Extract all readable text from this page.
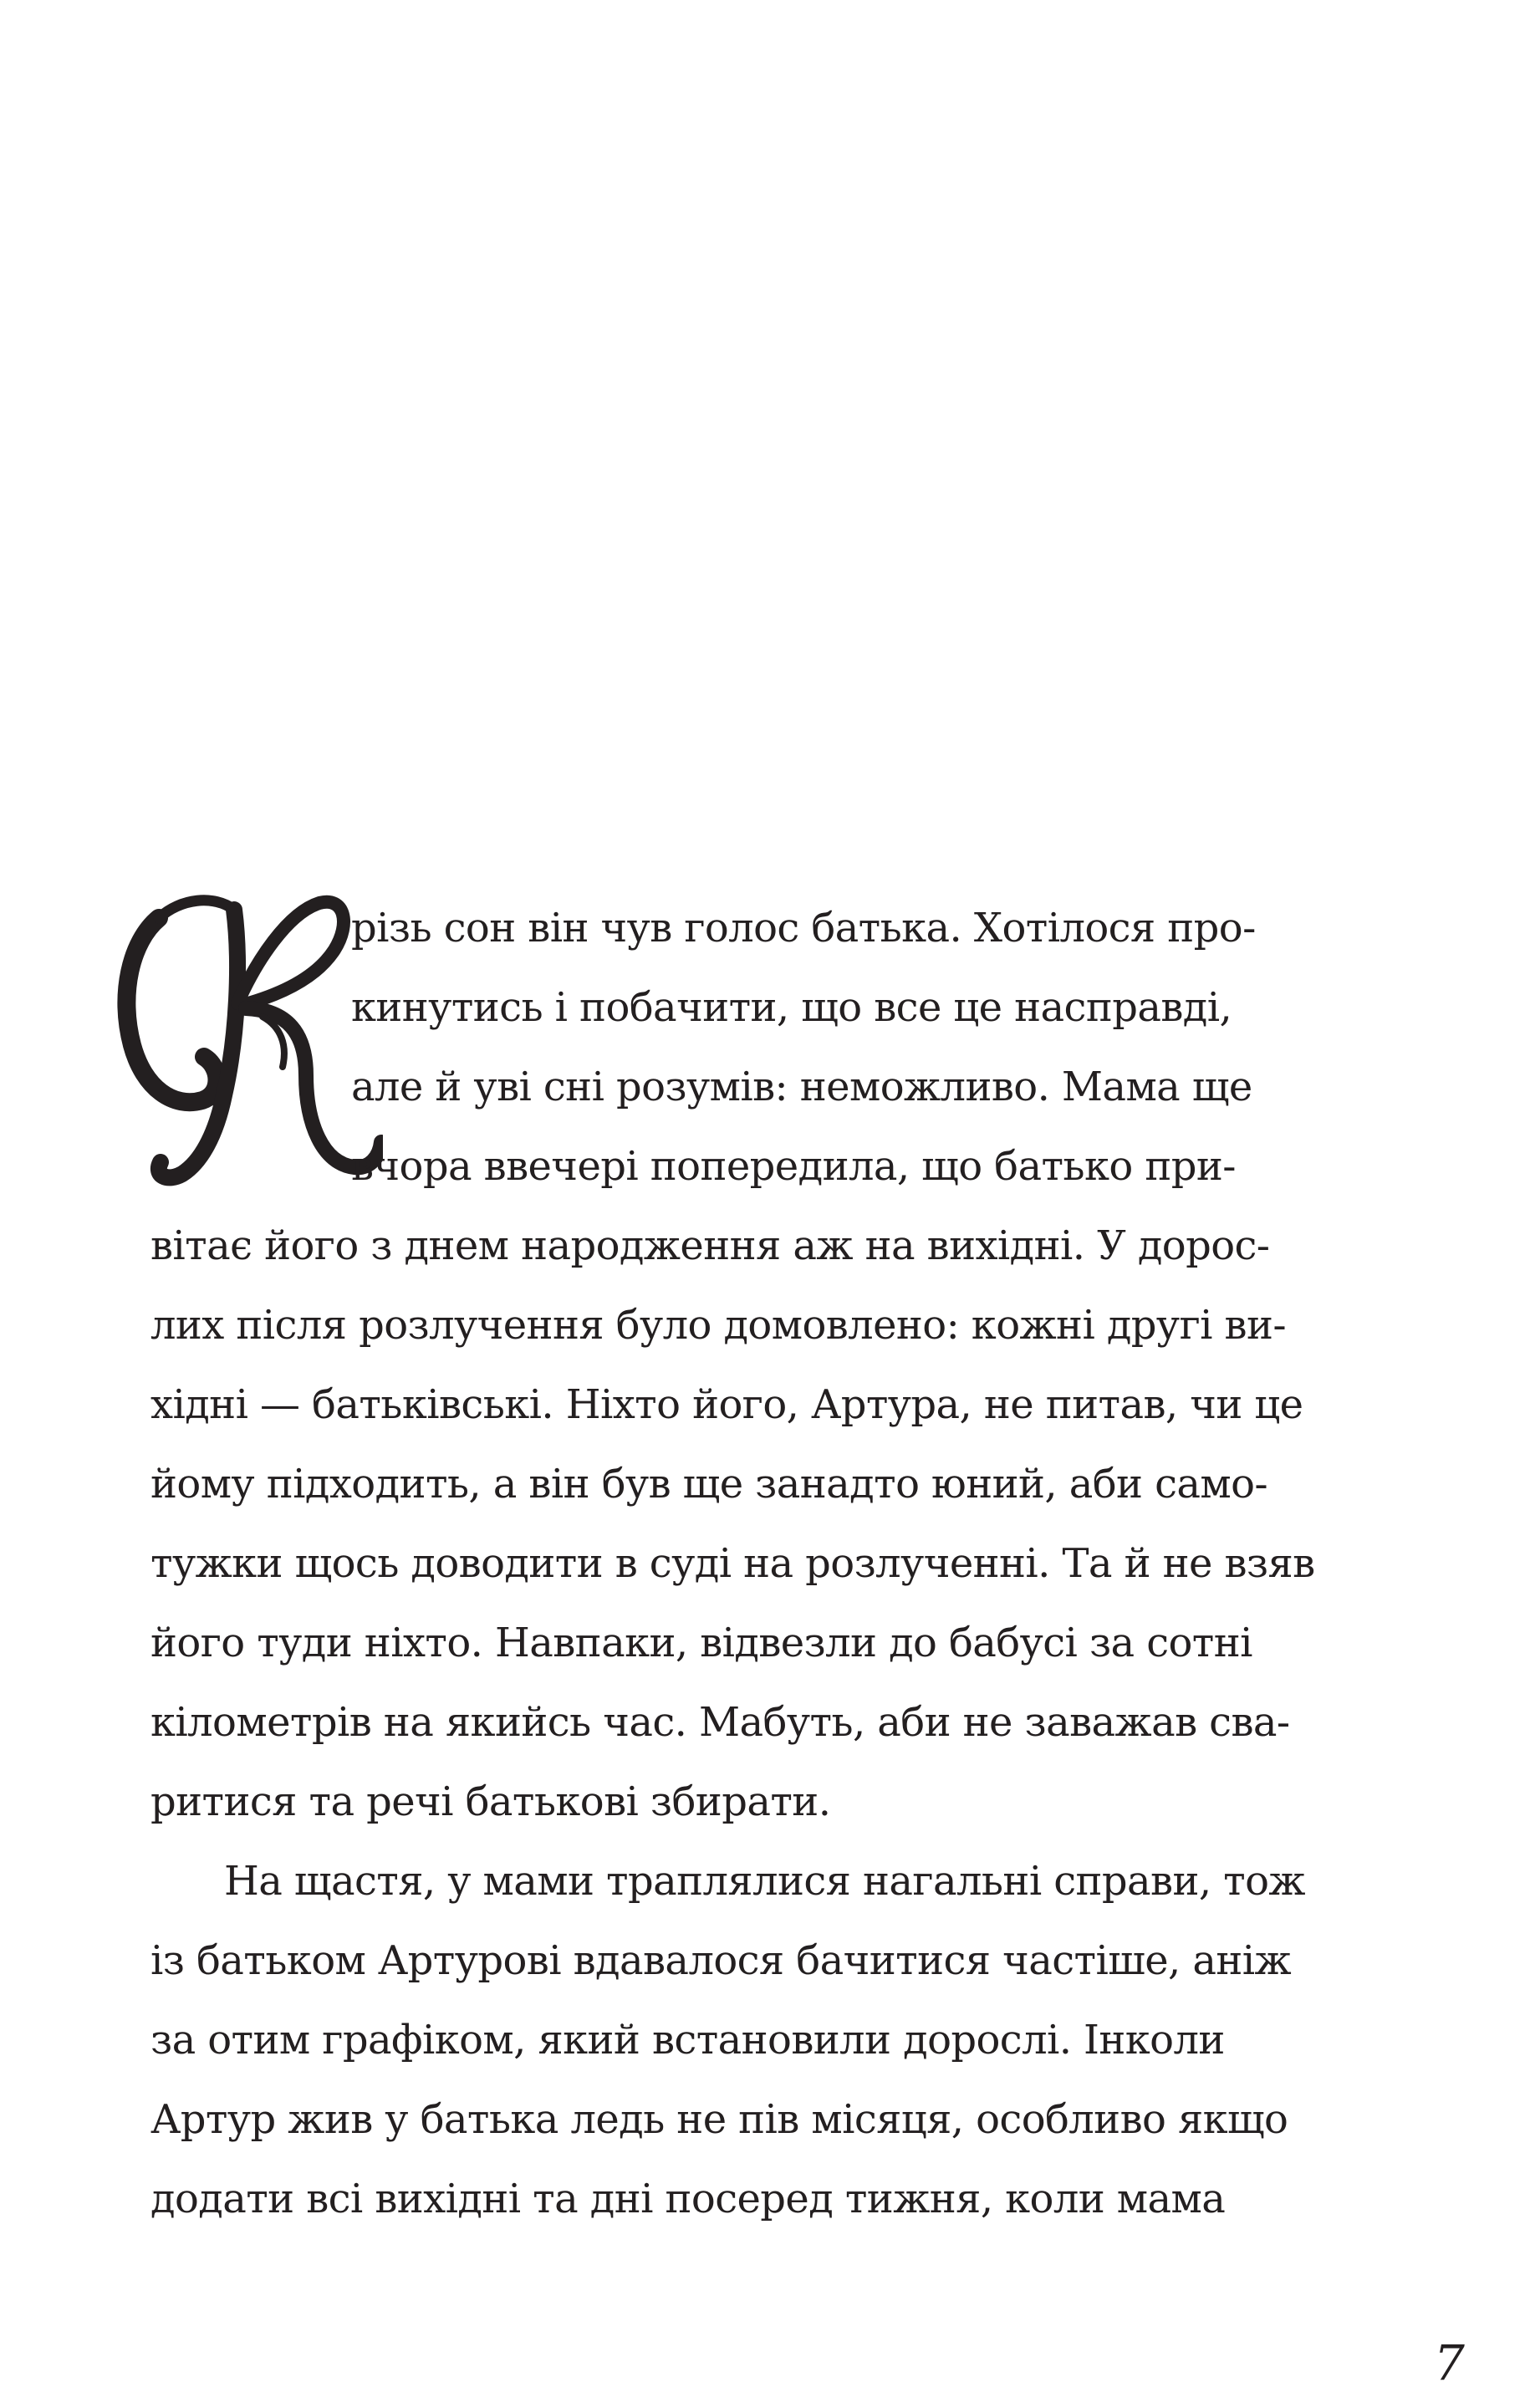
різь сон він чув голос батька. Хотілося про-
кинутись і побачити, що все це насправді,
але й уві сні розумів: неможливо. Мама ще
вчора ввечері попередила, що батько при-
вітає його з днем народження аж на вихідні. У дорос-
лих після розлучення було домовлено: кожні другі ви-
хідні — батьківські. Ніхто його, Артура, не питав, чи це
йому підходить, а він був ще занадто юний, аби само-
тужки щось доводити в суді на розлученні. Та й не взяв
його туди ніхто. Навпаки, відвезли до бабусі за сотні
кілометрів на якийсь час. Мабуть, аби не заважав сва-
ритися та речі батькові збирати.
На щастя, у мами траплялися нагальні справи, тож
із батьком Артурові вдавалося бачитися частіше, аніж
за отим графіком, який встановили дорослі. Інколи
Артур жив у батька ледь не пів місяця, особливо якщо
додати всі вихідні та дні посеред тижня, коли мама
7
